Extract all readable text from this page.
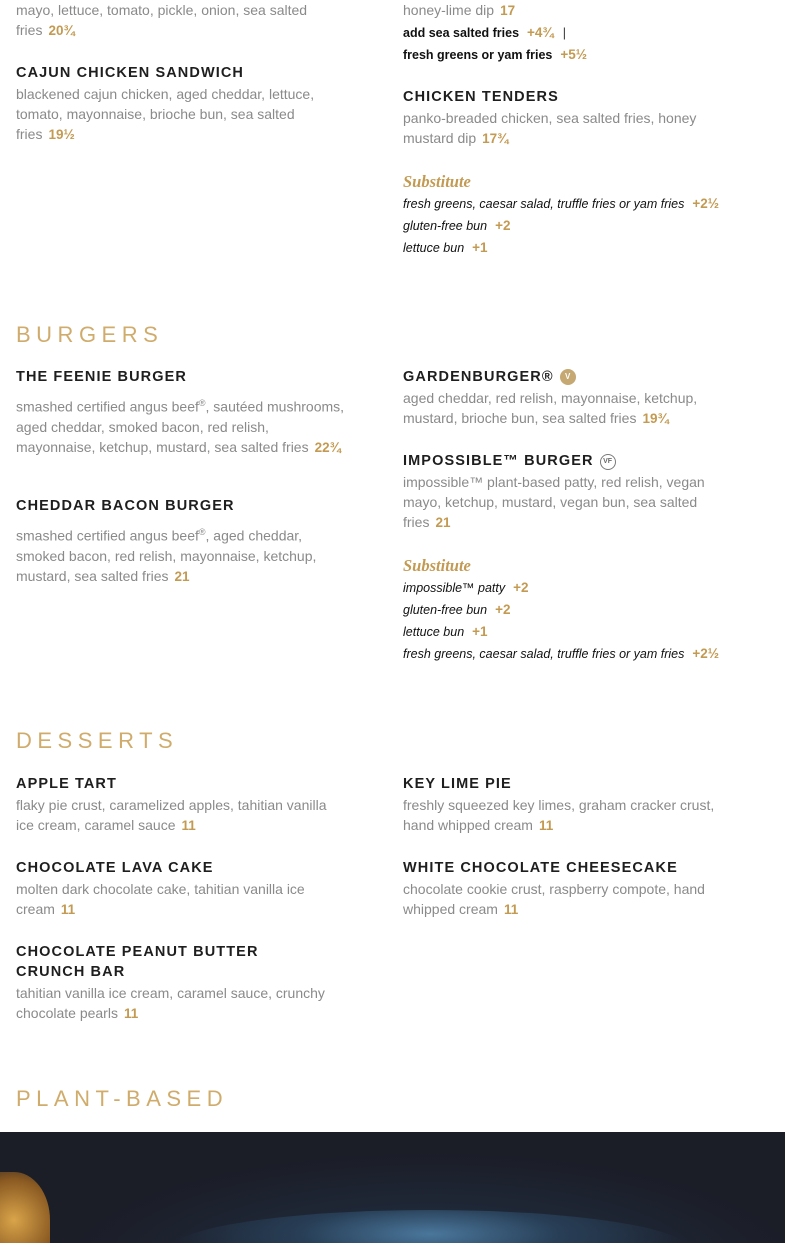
mayo, lettuce, tomato, pickle, onion, sea salted fries 20¾

CAJUN CHICKEN SANDWICH

blackened cajun chicken, aged cheddar, lettuce, tomato, mayonnaise, brioche bun, sea salted fries 19½

honey-lime dip 17

add sea salted fries +4¾ |

fresh greens or yam fries +5½

CHICKEN TENDERS

panko-breaded chicken, sea salted fries, honey mustard dip 17¾

Substitute

fresh greens, caesar salad, truffle fries or yam fries +2½

gluten-free bun +2

lettuce bun +1

BURGERS
THE FEENIE BURGER

smashed certified angus beef®, sautéed mushrooms, aged cheddar, smoked bacon, red relish, mayonnaise, ketchup, mustard, sea salted fries 22¾

CHEDDAR BACON BURGER

smashed certified angus beef®, aged cheddar, smoked bacon, red relish, mayonnaise, ketchup, mustard, sea salted fries 21

GARDENBURGER® V

aged cheddar, red relish, mayonnaise, ketchup, mustard, brioche bun, sea salted fries 19¾

IMPOSSIBLE™ BURGER VF

impossible™ plant-based patty, red relish, vegan mayo, ketchup, mustard, vegan bun, sea salted fries 21

Substitute

impossible™ patty +2

gluten-free bun +2

lettuce bun +1

fresh greens, caesar salad, truffle fries or yam fries +2½

DESSERTS
APPLE TART

flaky pie crust, caramelized apples, tahitian vanilla ice cream, caramel sauce 11

CHOCOLATE LAVA CAKE

molten dark chocolate cake, tahitian vanilla ice cream 11

CHOCOLATE PEANUT BUTTER
CRUNCH BAR

tahitian vanilla ice cream, caramel sauce, crunchy chocolate pearls 11

KEY LIME PIE

freshly squeezed key limes, graham cracker crust, hand whipped cream 11

WHITE CHOCOLATE CHEESECAKE

chocolate cookie crust, raspberry compote, hand whipped cream 11

PLANT-BASED
